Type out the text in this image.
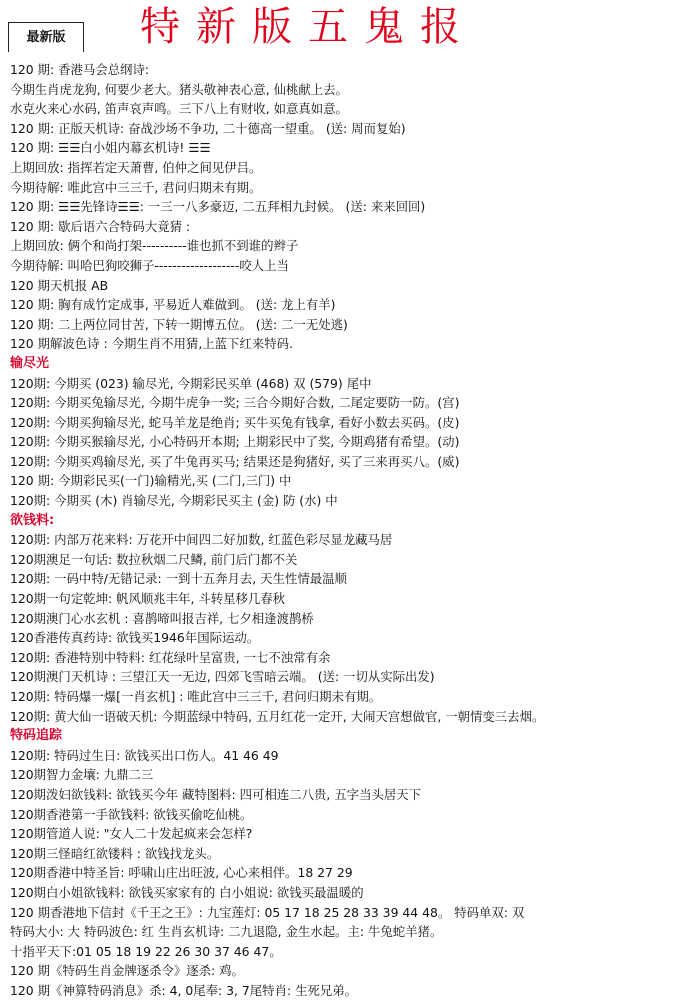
最新版	特新版五鬼报
120 期: 香港马会总纲诗:
今期生肖虎龙狗, 何要少老大。猪头敬神表心意, 仙桃献上去。
水克火来心水码, 笛声哀声鸣。三下八上有财收, 如意真如意。
120 期: 正版天机诗: 奋战沙场不争功, 二十德高一望重。 (送: 周而复始)
120 期: ☰☰白小姐内幕玄机诗! ☰☰
上期回放: 指挥若定天萧曹, 伯仲之间见伊吕。
今期待解: 唯此宫中三三千, 君问归期未有期。
120 期: ☰☰先锋诗☰☰: 一三一八多豪迈, 二五拜相九封候。 (送: 来来回回)
120 期: 歇后语六合特码大竟猜 :
上期回放: 俩个和尚打架----------谁也抓不到谁的辫子
今期待解: 叫哈巴狗咬狮子-------------------咬人上当
120 期天机报 AB
120 期: 胸有成竹定成事, 平易近人难做到。 (送: 龙上有羊)
120 期: 二上两位同甘苦, 下转一期博五位。 (送: 二一无处逃)
120 期解波色诗 : 今期生肖不用猜,上蓝下红来特码.
输尽光
120期: 今期买 (023) 输尽光, 今期彩民买单 (468) 双 (579) 尾中
120期: 今期买兔输尽光, 今期牛虎争一奖; 三合今期好合数, 二尾定要防一防。(宫)
120期: 今期买狗输尽光, 蛇马羊龙是绝肖; 买牛买兔有钱拿, 看好小数去买码。(皮)
120期: 今期买猴输尽光, 小心特码开本期; 上期彩民中了奖, 今期鸡猪有希望。(动)
120期: 今期买鸡输尽光, 买了牛兔再买马; 结果还是狗猪好, 买了三来再买八。(威)
120 期: 今期彩民买(一门)输精光,买 (二门,三门) 中
120期: 今期买 (木) 肖输尽光, 今期彩民买主 (金) 防 (水) 中
欲钱料:
120期: 内部万花来料: 万花开中间四二好加数, 红蓝色彩尽显龙藏马居
120期澳足一句话: 数拉秋烟二尺鳞, 前门后门都不关
120期: 一码中特/无错记录: 一到十五奔月去, 天生性情最温顺
120期一句定乾坤: 帆风顺兆丰年, 斗转星移几春秋
120期澳门心水玄机 : 喜鹊啼叫报吉祥, 七夕相逢渡鹊桥
120香港传真药诗: 欲钱买1946年国际运动。
120期: 香港特别中特料: 红花绿叶呈富贵, 一七不浊常有余
120期澳门天机诗 : 三望江天一无边, 四郊飞雪暗云端。 (送: 一切从实际出发)
120期: 特码爆一爆[一肖玄机] : 唯此宫中三三千, 君问归期未有期。
120期: 黄大仙一语破天机: 今期蓝绿中特码, 五月红花一定开, 大闹天宫想做官, 一朝情变三去烟。
特码追踪
120期: 特码过生日: 欲钱买出口伤人。41 46 49
120期智力金壤: 九鼎二三
120期泼妇欲钱料: 欲钱买今年 藏特图料: 四可相连二八贵, 五字当头居天下
120期香港第一手欲钱料: 欲钱买偷吃仙桃。
120期管道人说: "女人二十发起疯来会怎样?
120期三怪暗红欲镂料 : 欲钱找龙头。
120期香港中特圣旨: 呼啸山庄出旺波, 心心来相伴。18 27 29
120期白小姐欲钱料: 欲钱买家家有的 白小姐说: 欲钱买最温暖的
120 期香港地下信封《千王之王》: 九宝莲灯: 05 17 18 25 28 33 39 44 48。 特码单双: 双
特码大小: 大 特码波色: 红 生肖玄机诗: 二九退隐, 金生水起。主: 牛兔蛇羊猪。
十指平天下:01 05 18 19 22 26 30 37 46 47。
120 期《特码生肖金牌逐杀令》逐杀: 鸡。
120 期《神算特码消息》杀: 4, 0尾奉: 3, 7尾特肖: 生死兄弟。
